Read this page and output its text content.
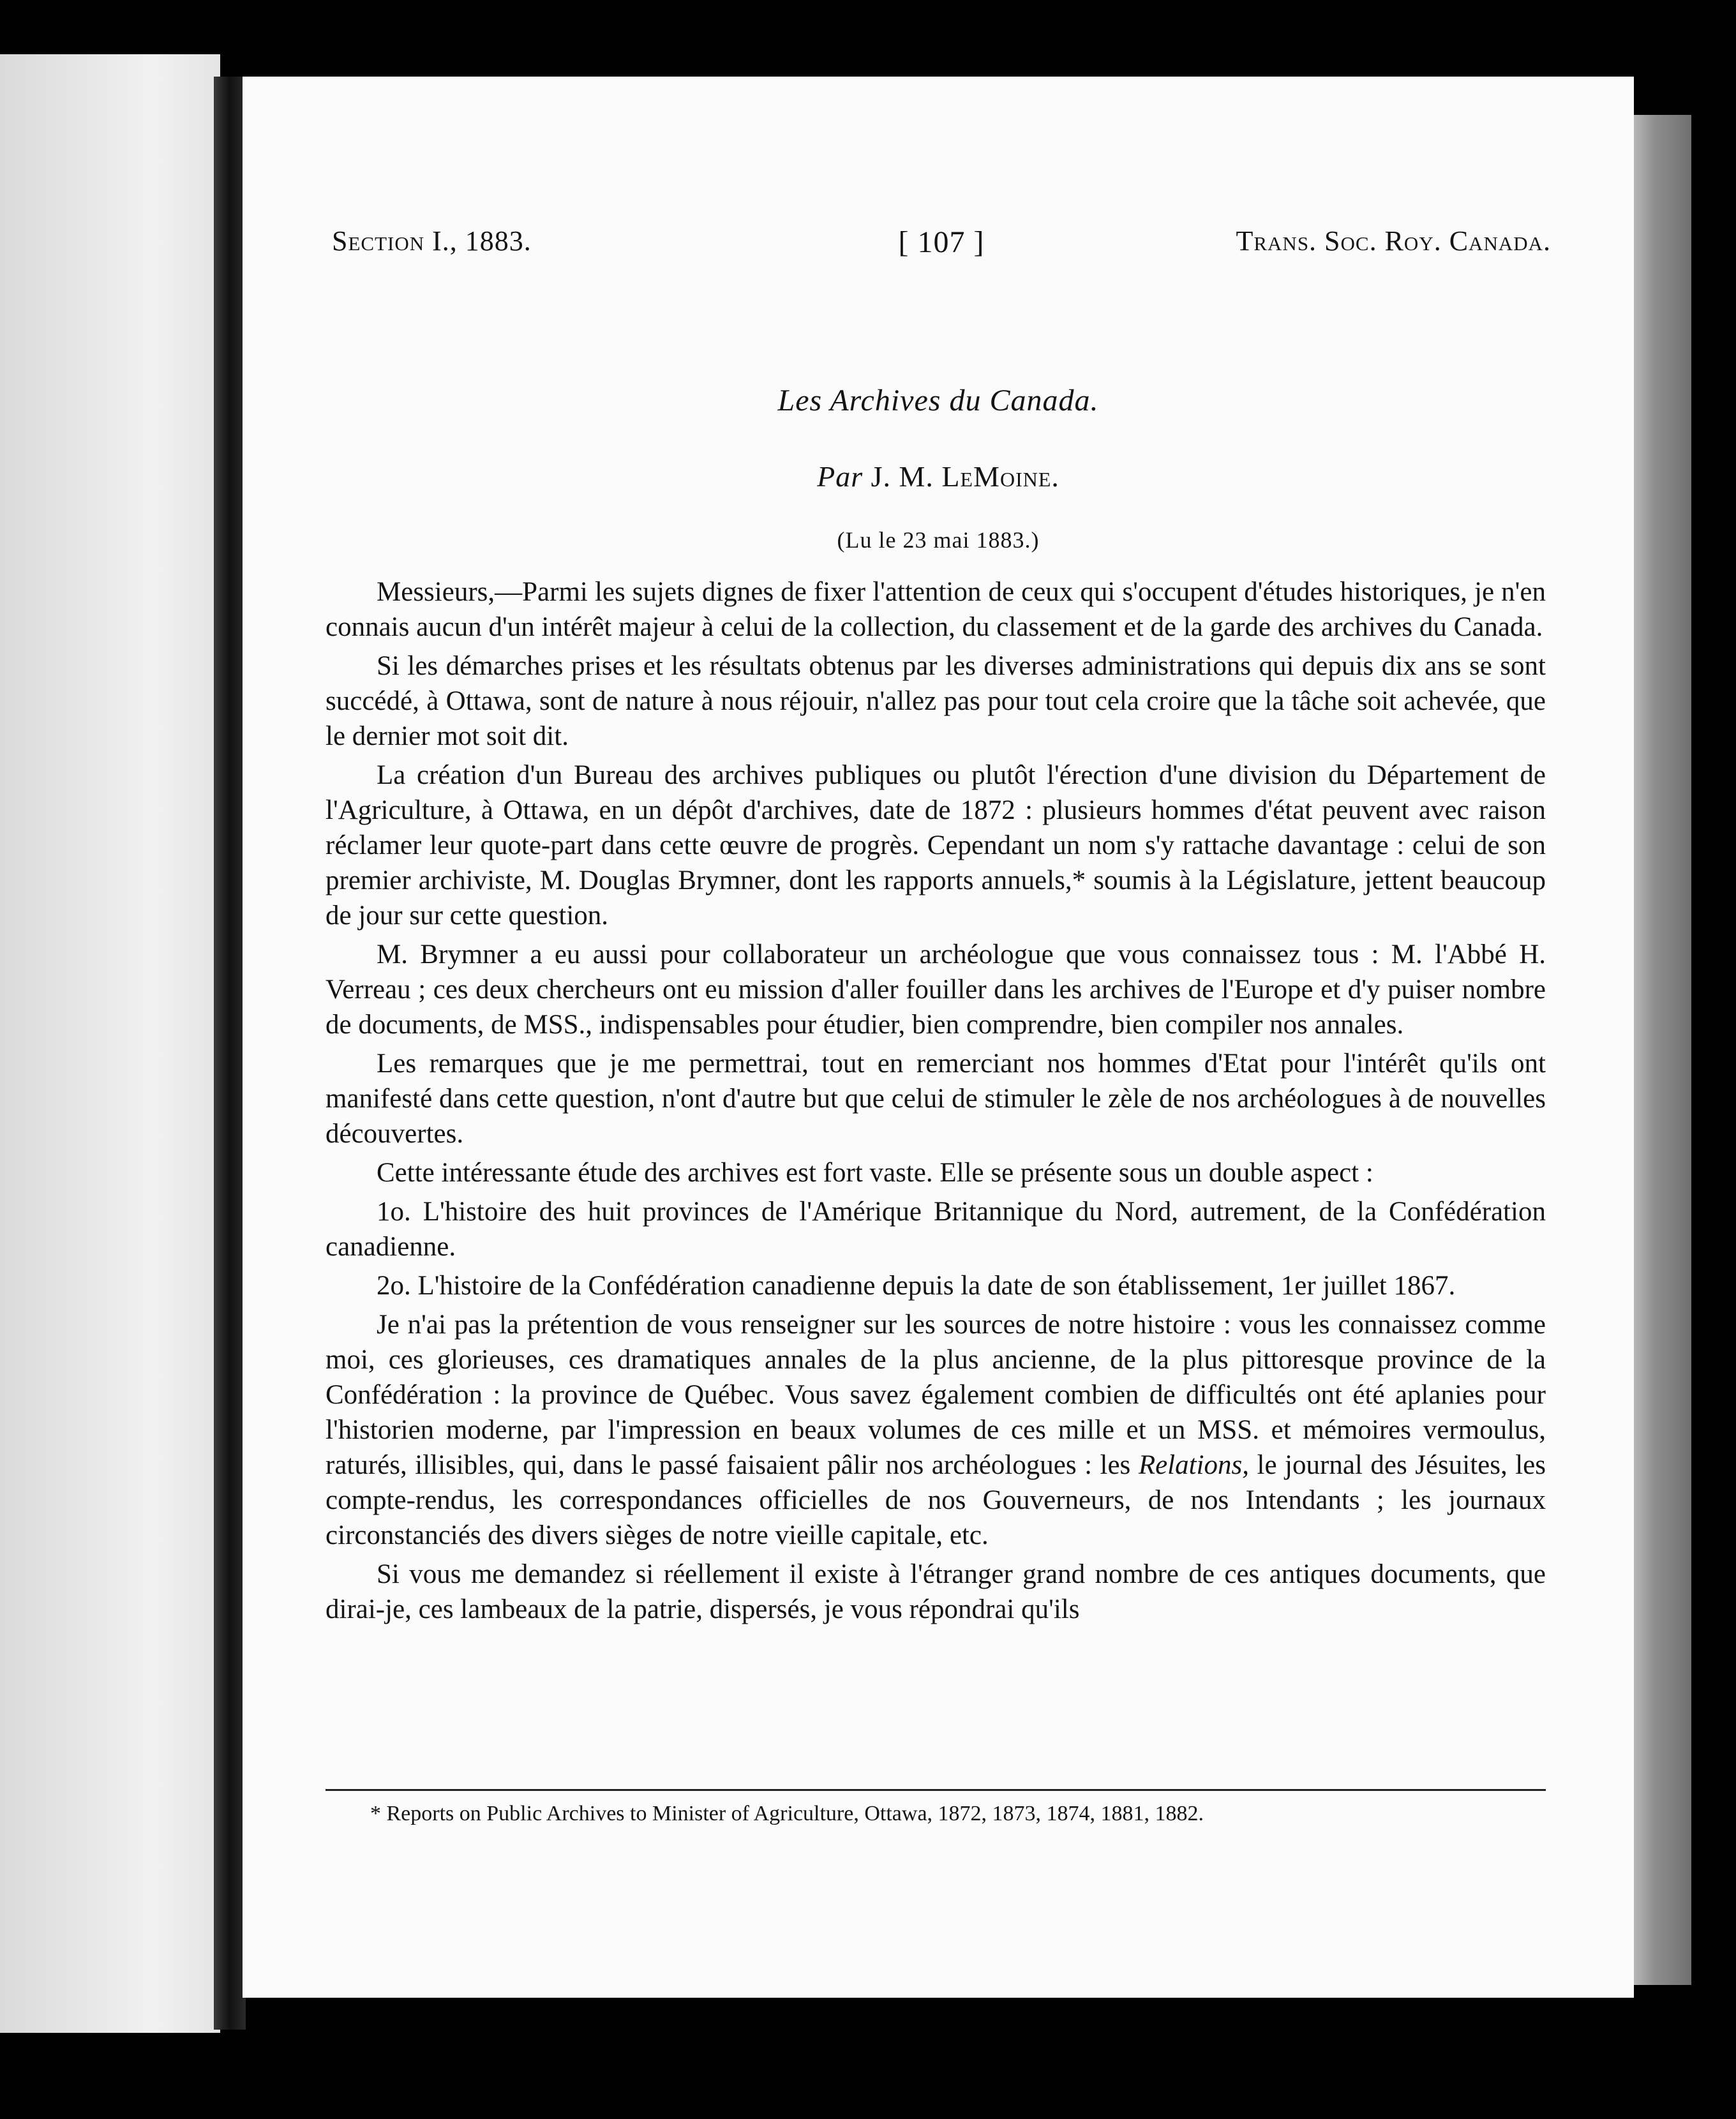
Section I., 1883.	[ 107 ]	Trans. Soc. Roy. Canada.
Les Archives du Canada.
Par J. M. LeMoine.
(Lu le 23 mai 1883.)

Messieurs,—Parmi les sujets dignes de fixer l'attention de ceux qui s'occupent d'études historiques, je n'en connais aucun d'un intérêt majeur à celui de la collection, du classement et de la garde des archives du Canada.

Si les démarches prises et les résultats obtenus par les diverses administrations qui depuis dix ans se sont succédé, à Ottawa, sont de nature à nous réjouir, n'allez pas pour tout cela croire que la tâche soit achevée, que le dernier mot soit dit.

La création d'un Bureau des archives publiques ou plutôt l'érection d'une division du Département de l'Agriculture, à Ottawa, en un dépôt d'archives, date de 1872 : plusieurs hommes d'état peuvent avec raison réclamer leur quote-part dans cette œuvre de progrès. Cependant un nom s'y rattache davantage : celui de son premier archiviste, M. Douglas Brymner, dont les rapports annuels,* soumis à la Législature, jettent beaucoup de jour sur cette question.

M. Brymner a eu aussi pour collaborateur un archéologue que vous connaissez tous : M. l'Abbé H. Verreau ; ces deux chercheurs ont eu mission d'aller fouiller dans les archives de l'Europe et d'y puiser nombre de documents, de MSS., indispensables pour étudier, bien comprendre, bien compiler nos annales.

Les remarques que je me permettrai, tout en remerciant nos hommes d'Etat pour l'intérêt qu'ils ont manifesté dans cette question, n'ont d'autre but que celui de stimuler le zèle de nos archéologues à de nouvelles découvertes.

Cette intéressante étude des archives est fort vaste. Elle se présente sous un double aspect :

1o. L'histoire des huit provinces de l'Amérique Britannique du Nord, autrement, de la Confédération canadienne.

2o. L'histoire de la Confédération canadienne depuis la date de son établissement, 1er juillet 1867.

Je n'ai pas la prétention de vous renseigner sur les sources de notre histoire : vous les connaissez comme moi, ces glorieuses, ces dramatiques annales de la plus ancienne, de la plus pittoresque province de la Confédération : la province de Québec. Vous savez également combien de difficultés ont été aplanies pour l'historien moderne, par l'impression en beaux volumes de ces mille et un MSS. et mémoires vermoulus, raturés, illisibles, qui, dans le passé faisaient pâlir nos archéologues : les Relations, le journal des Jésuites, les compte-rendus, les correspondances officielles de nos Gouverneurs, de nos Intendants ; les journaux circonstanciés des divers sièges de notre vieille capitale, etc.

Si vous me demandez si réellement il existe à l'étranger grand nombre de ces antiques documents, que dirai-je, ces lambeaux de la patrie, dispersés, je vous répondrai qu'ils

* Reports on Public Archives to Minister of Agriculture, Ottawa, 1872, 1873, 1874, 1881, 1882.
